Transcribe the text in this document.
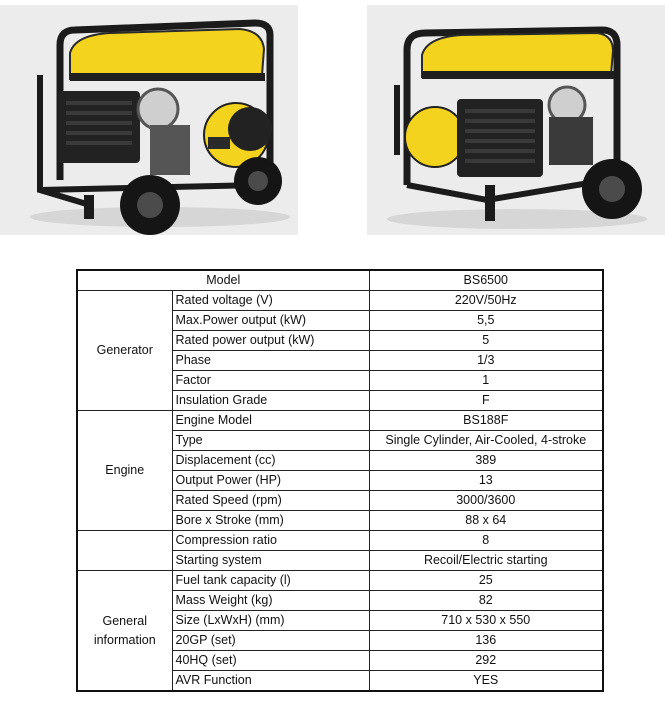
Model		BS6500
Generator	Rated voltage (V)	220V/50Hz
	Max.Power output (kW)	5,5
	Rated power output (kW)	5
	Phase	1/3
	Factor	1
	Insulation Grade	F
Engine	Engine Model	BS188F
	Type	Single Cylinder, Air-Cooled, 4-stroke
	Displacement (cc)	389
	Output Power (HP)	13
	Rated Speed (rpm)	3000/3600
	Bore x Stroke (mm)	88 x 64
	Compression ratio	8
	Starting system	Recoil/Electric starting
General information	Fuel tank capacity (l)	25
	Mass Weight (kg)	82
	Size (LxWxH) (mm)	710 x 530 x 550
	20GP (set)	136
	40HQ (set)	292
	AVR Function	YES
